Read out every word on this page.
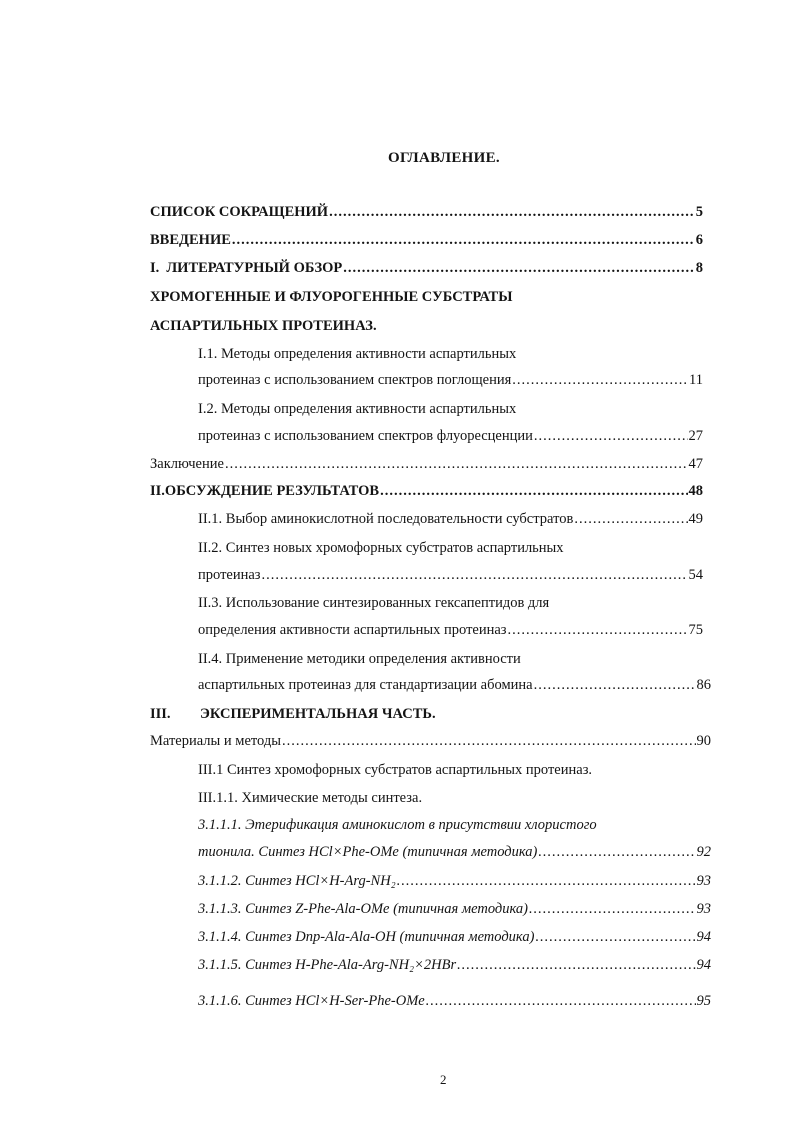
ОГЛАВЛЕНИЕ.
СПИСОК СОКРАЩЕНИЙ .....	5
ВВЕДЕНИЕ .....	6
I. ЛИТЕРАТУРНЫЙ ОБЗОР .....	8
ХРОМОГЕННЫЕ И ФЛУОРОГЕННЫЕ СУБСТРАТЫ
АСПАРТИЛЬНЫХ ПРОТЕИНАЗ.
I.1. Методы определения активности аспартильных
протеиназ с использованием спектров поглощения .....	11
I.2. Методы определения активности аспартильных
протеиназ с использованием спектров флуоресценции .....	27
Заключение .....	47
II. ОБСУЖДЕНИЕ РЕЗУЛЬТАТОВ .....	48
II.1. Выбор аминокислотной последовательности субстратов .....	49
II.2. Синтез новых хромофорных субстратов аспартильных
протеиназ .....	54
II.3. Использование синтезированных гексапептидов для
определения активности аспартильных протеиназ .....	75
II.4. Применение методики определения активности
аспартильных протеиназ для стандартизации абомина .....	86
III. ЭКСПЕРИМЕНТАЛЬНАЯ ЧАСТЬ.
Материалы и методы .....	90
III.1 Синтез хромофорных субстратов аспартильных протеиназ.
III.1.1. Химические методы синтеза.
3.1.1.1. Этерификация аминокислот в присутствии хлористого
тионила. Синтез HCl×Phe-OMe (типичная методика) .....	92
3.1.1.2. Синтез HCl×H-Arg-NH₂ .....	93
3.1.1.3. Синтез Z-Phe-Ala-OMe (типичная методика) .....	93
3.1.1.4. Синтез Dnp-Ala-Ala-OH (типичная методика) .....	94
3.1.1.5. Синтез H-Phe-Ala-Arg-NH₂×2HBr .....	94
3.1.1.6. Синтез HCl×H-Ser-Phe-OMe .....	95
2
